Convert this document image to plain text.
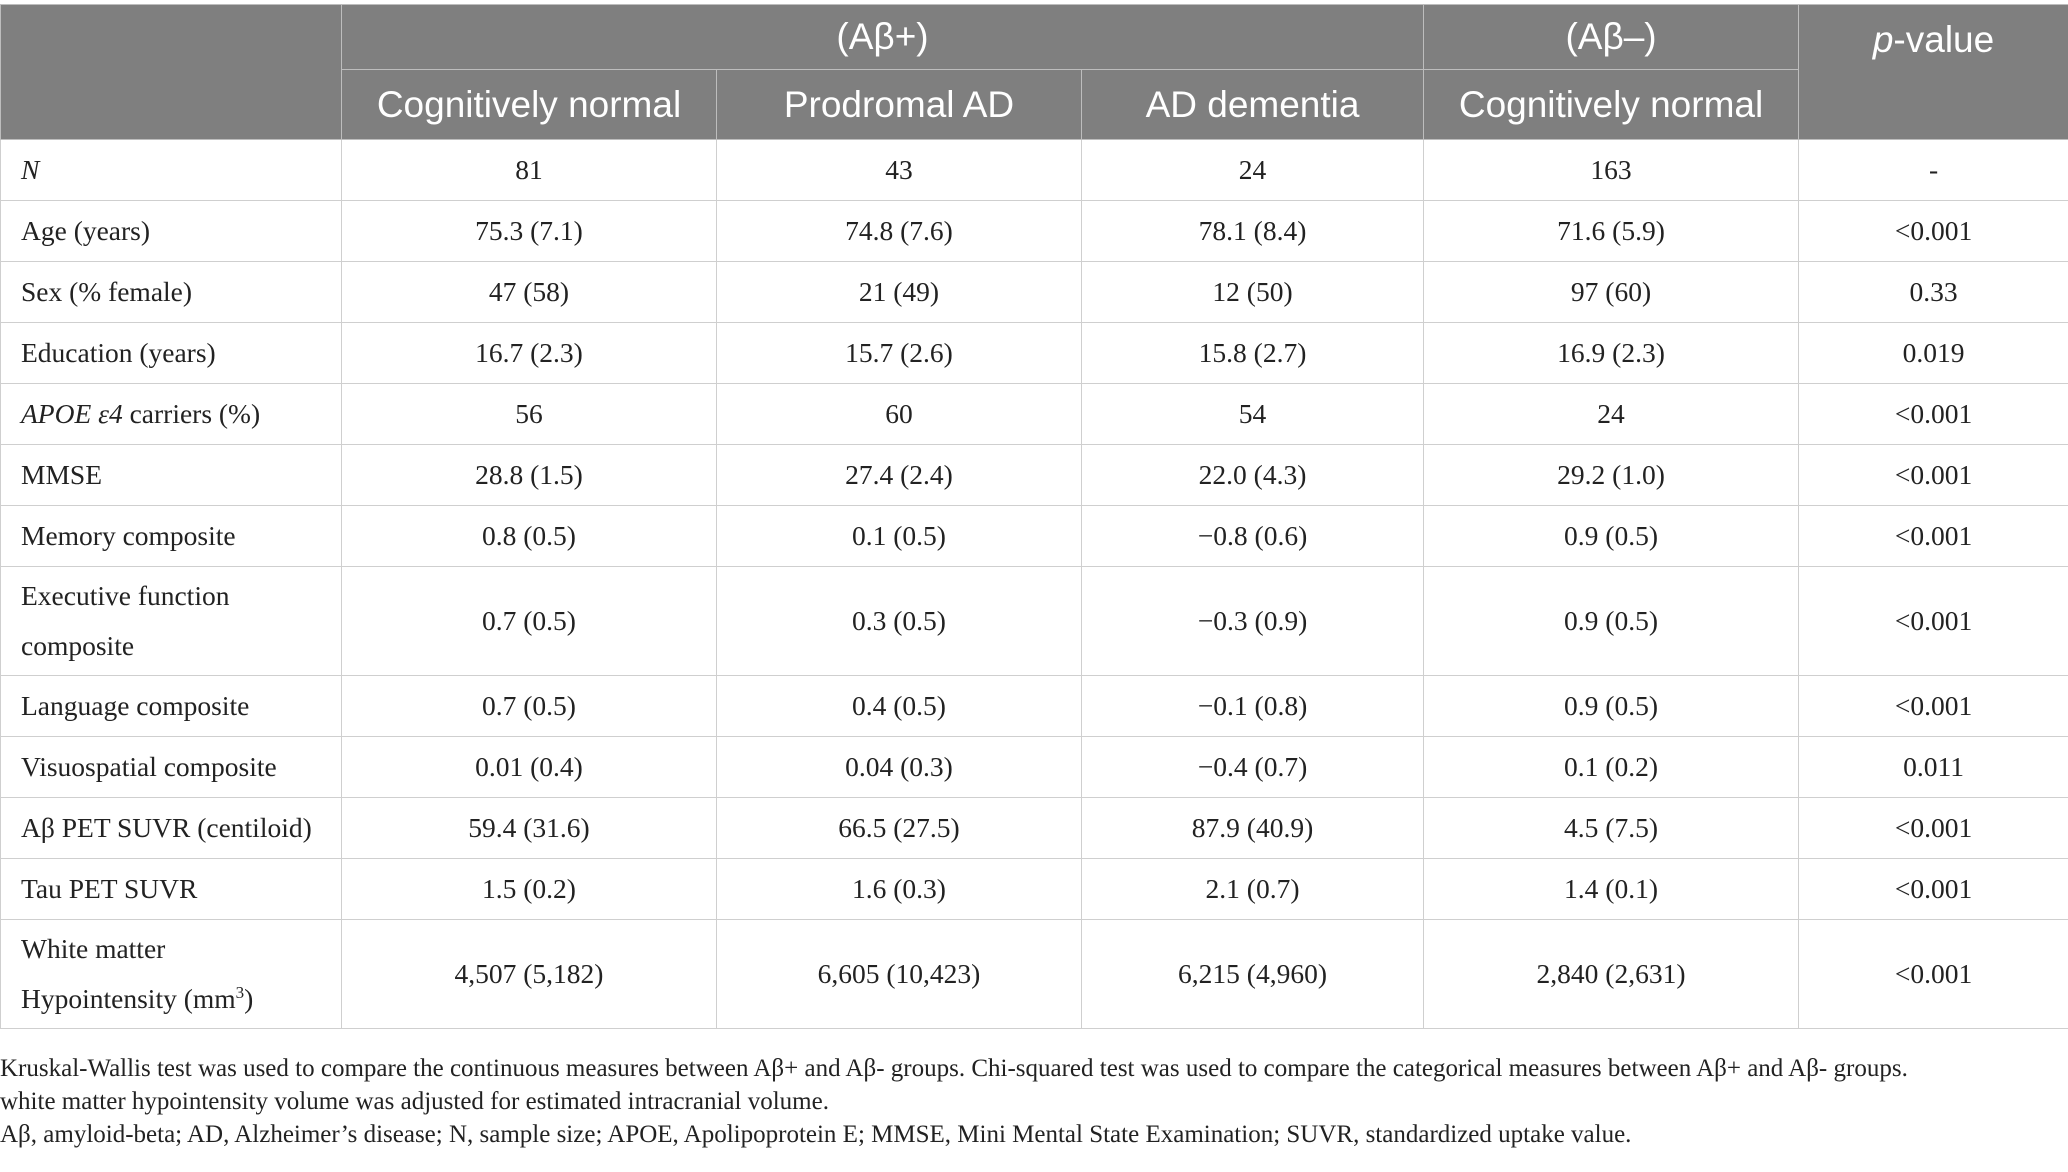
	(Aβ+)			(Aβ–)	p-value
	Cognitively normal	Prodromal AD	AD dementia	Cognitively normal	
N	81	43	24	163	-
Age (years)	75.3 (7.1)	74.8 (7.6)	78.1 (8.4)	71.6 (5.9)	<0.001
Sex (% female)	47 (58)	21 (49)	12 (50)	97 (60)	0.33
Education (years)	16.7 (2.3)	15.7 (2.6)	15.8 (2.7)	16.9 (2.3)	0.019
APOE ε4 carriers (%)	56	60	54	24	<0.001
MMSE	28.8 (1.5)	27.4 (2.4)	22.0 (4.3)	29.2 (1.0)	<0.001
Memory composite	0.8 (0.5)	0.1 (0.5)	−0.8 (0.6)	0.9 (0.5)	<0.001
Executive function
composite	0.7 (0.5)	0.3 (0.5)	−0.3 (0.9)	0.9 (0.5)	<0.001
Language composite	0.7 (0.5)	0.4 (0.5)	−0.1 (0.8)	0.9 (0.5)	<0.001
Visuospatial composite	0.01 (0.4)	0.04 (0.3)	−0.4 (0.7)	0.1 (0.2)	0.011
Aβ PET SUVR (centiloid)	59.4 (31.6)	66.5 (27.5)	87.9 (40.9)	4.5 (7.5)	<0.001
Tau PET SUVR	1.5 (0.2)	1.6 (0.3)	2.1 (0.7)	1.4 (0.1)	<0.001
White matter
Hypointensity $(mm^3)$	4,507 (5,182)	6,605 (10,423)	6,215 (4,960)	2,840 (2,631)	<0.001

Kruskal-Wallis test was used to compare the continuous measures between Aβ+ and Aβ- groups. Chi-squared test was used to compare the categorical measures between Aβ+ and Aβ- groups.

white matter hypointensity volume was adjusted for estimated intracranial volume.

Aβ, amyloid-beta; AD, Alzheimer’s disease; N, sample size; APOE, Apolipoprotein E; MMSE, Mini Mental State Examination; SUVR, standardized uptake value.
